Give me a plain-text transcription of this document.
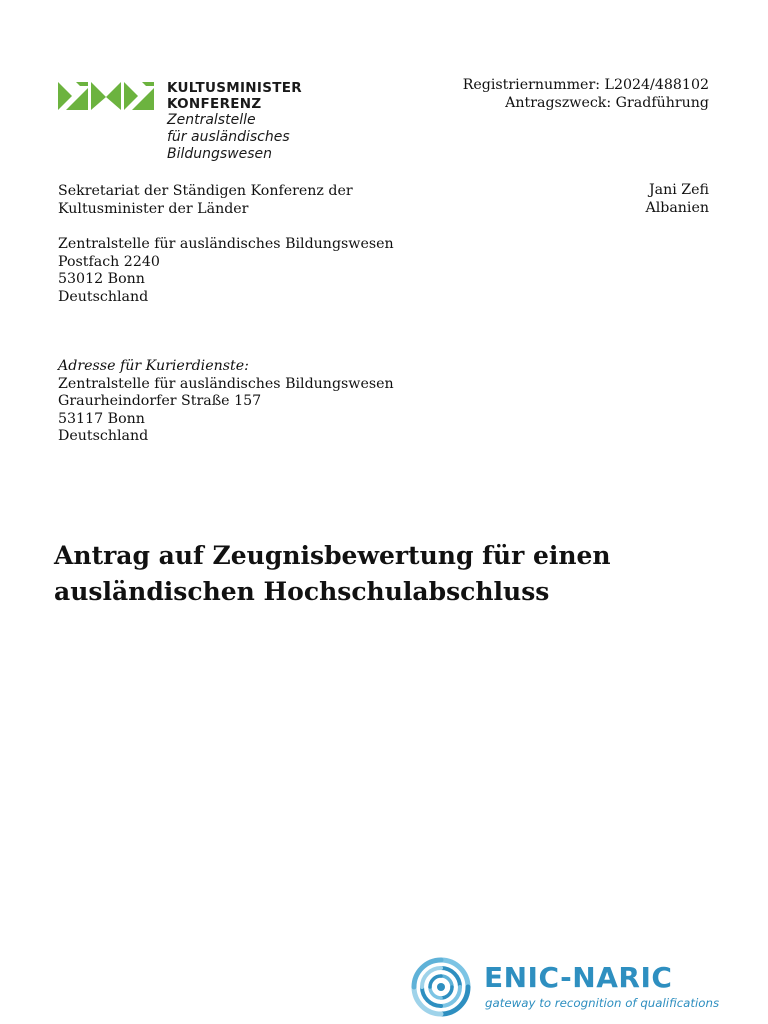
KULTUSMINISTER
KONFERENZ
Zentralstelle
für ausländisches
Bildungswesen
Registriernummer: L2024/488102
Antragszweck: Gradführung
Jani Zefi
Albanien
Sekretariat der Ständigen Konferenz der
Kultusminister der Länder
Zentralstelle für ausländisches Bildungswesen
Postfach 2240
53012 Bonn
Deutschland
Adresse für Kurierdienste:
Zentralstelle für ausländisches Bildungswesen
Graurheindorfer Straße 157
53117 Bonn
Deutschland
Antrag auf Zeugnisbewertung für einen
ausländischen Hochschulabschluss
ENIC-NARIC
gateway to recognition of qualifications
